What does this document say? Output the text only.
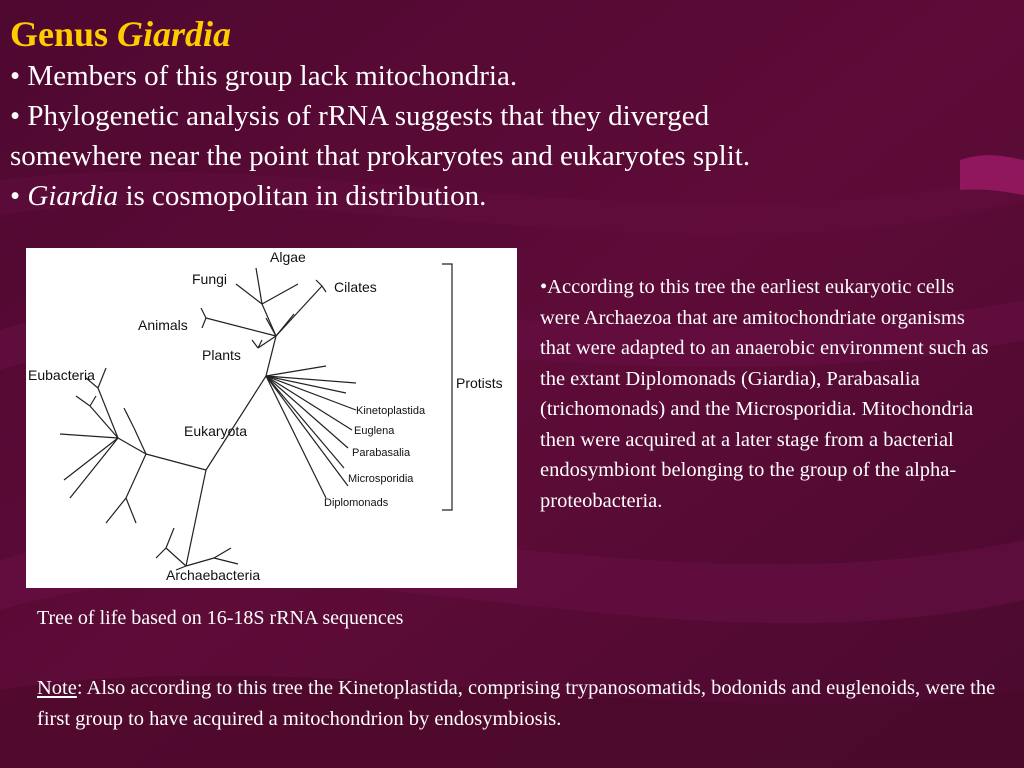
Genus Giardia

• Members of this group lack mitochondria.

• Phylogenetic analysis of rRNA suggests that they diverged

somewhere near the point that prokaryotes and eukaryotes split.

• Giardia is cosmopolitan in distribution.

Algae
Fungi	Cilates
Animals
Plants
Eubacteria	Protists
Kinetoplastida
Euglena
Parabasalia
Eukaryota
Microsporidia
Diplomonads
Archaebacteria
Tree of life based on 16-18S rRNA sequences
•According to this tree the earliest eukaryotic cells were Archaezoa that are amitochondriate organisms that were adapted to an anaerobic environment such as the extant Diplomonads (Giardia), Parabasalia (trichomonads) and the Microsporidia. Mitochondria then were acquired at a later stage from a bacterial endosymbiont belonging to the group of the alpha-proteobacteria.
Note: Also according to this tree the Kinetoplastida, comprising trypanosomatids, bodonids and euglenoids, were the first group to have acquired a mitochondrion by endosymbiosis.
